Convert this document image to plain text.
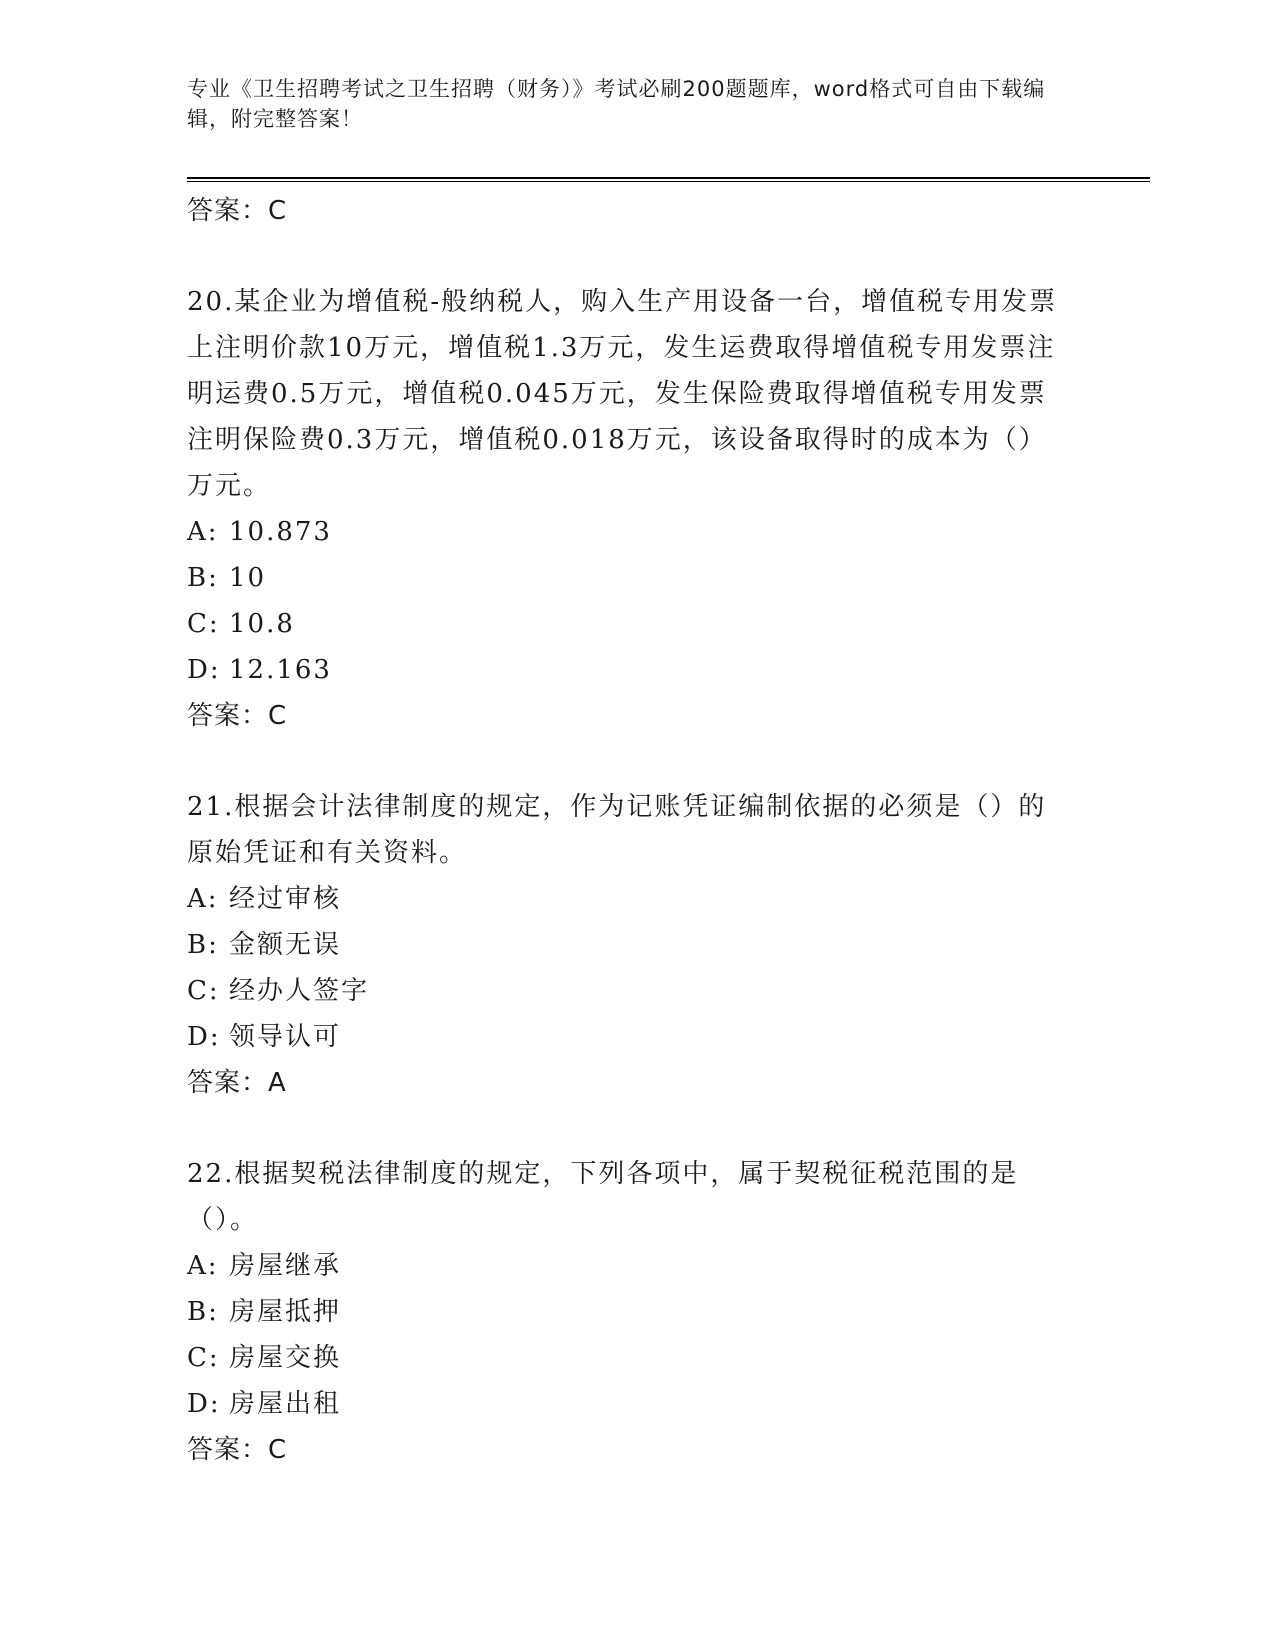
专业《卫生招聘考试之卫生招聘（财务）》考试必刷200题题库，word格式可自由下载编辑，附完整答案！
答案：C

20.某企业为增值税-般纳税人，购入生产用设备一台，增值税专用发票上注明价款10万元，增值税1.3万元，发生运费取得增值税专用发票注明运费0.5万元，增值税0.045万元，发生保险费取得增值税专用发票注明保险费0.3万元，增值税0.018万元，该设备取得时的成本为（）万元。

A: 10.873
B: 10
C: 10.8
D: 12.163
答案：C

21.根据会计法律制度的规定，作为记账凭证编制依据的必须是（）的原始凭证和有关资料。

A: 经过审核
B: 金额无误
C: 经办人签字
D: 领导认可
答案：A

22.根据契税法律制度的规定，下列各项中，属于契税征税范围的是（）。

A: 房屋继承
B: 房屋抵押
C: 房屋交换
D: 房屋出租
答案：C
